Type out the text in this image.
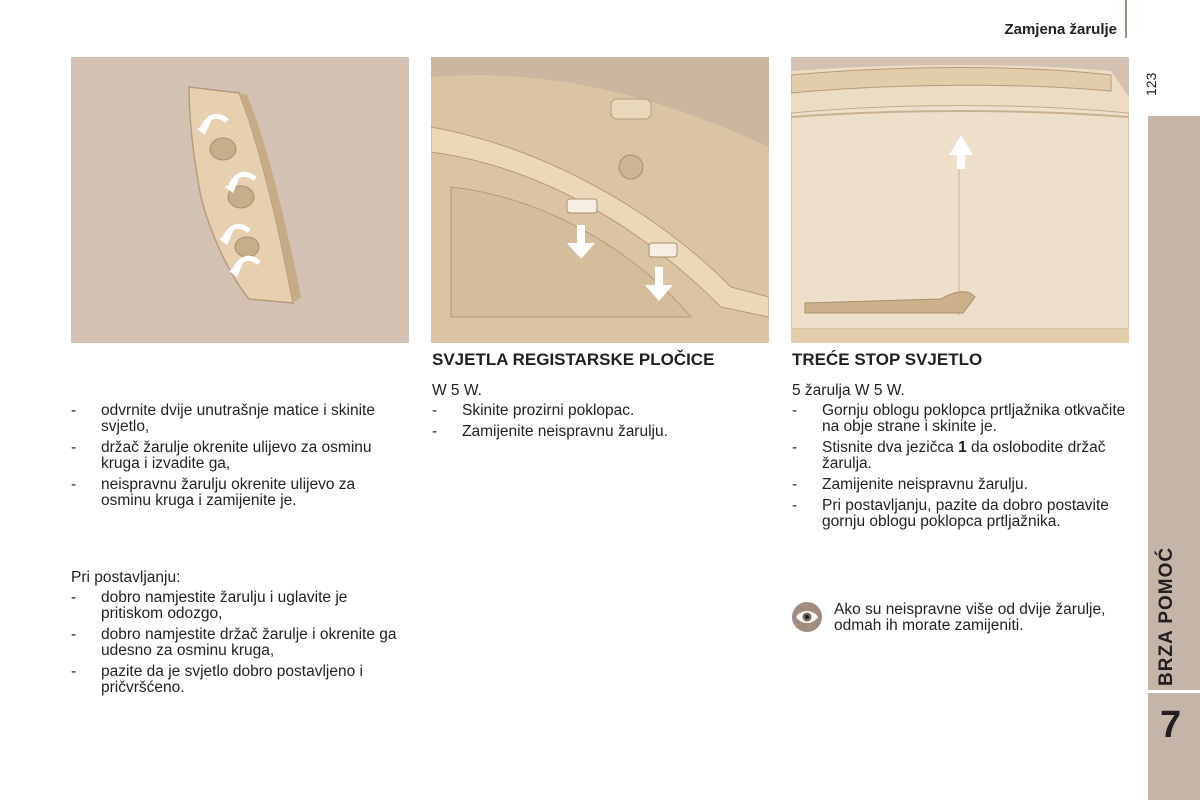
Zamjena žarulje
123
BRZA POMOĆ
7
- odvrnite dvije unutrašnje matice i skinite svjetlo,
- držač žarulje okrenite ulijevo za osminu kruga i izvadite ga,
- neispravnu žarulju okrenite ulijevo za osminu kruga i zamijenite je.

Pri postavljanju:

- dobro namjestite žarulju i uglavite je pritiskom odozgo,
- dobro namjestite držač žarulje i okrenite ga udesno za osminu kruga,
- pazite da je svjetlo dobro postavljeno i pričvršćeno.
SVJETLA REGISTARSKE PLOČICE

W 5 W.

- Skinite prozirni poklopac.
- Zamijenite neispravnu žarulju.
TREĆE STOP SVJETLO

5 žarulja W 5 W.

- Gornju oblogu poklopca prtljažnika otkvačite na obje strane i skinite je.
- Stisnite dva jezičca 1 da oslobodite držač žarulja.
- Zamijenite neispravnu žarulju.
- Pri postavljanju, pazite da dobro postavite gornju oblogu poklopca prtljažnika.
Ako su neispravne više od dvije žarulje, odmah ih morate zamijeniti.
